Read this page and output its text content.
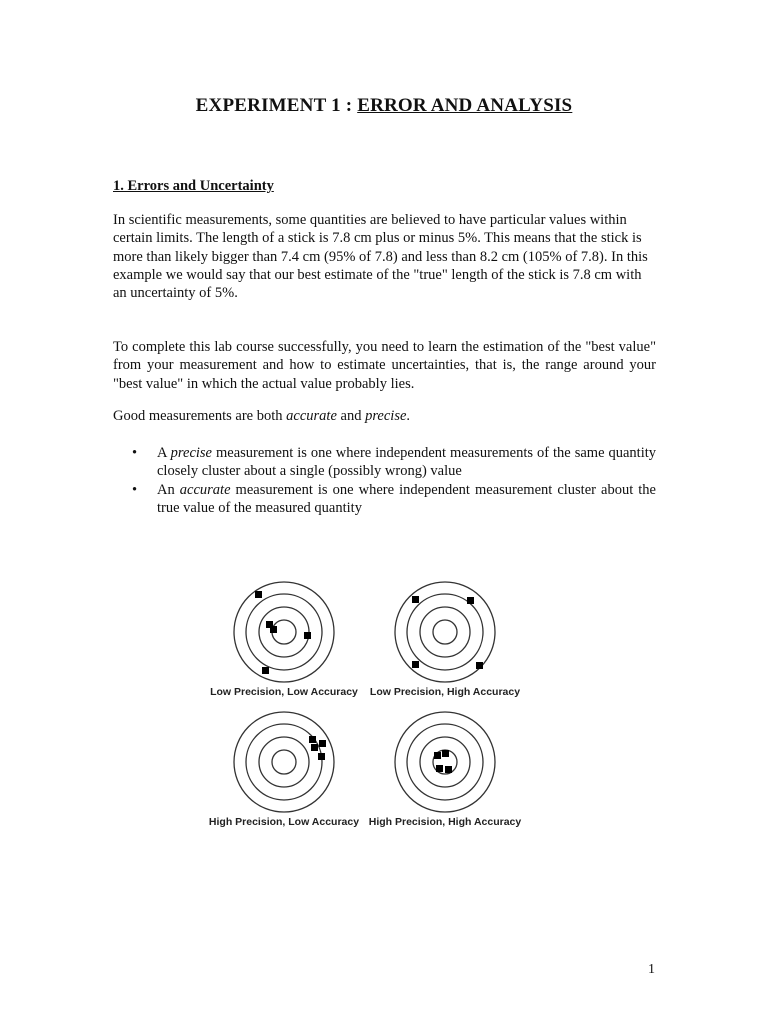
EXPERIMENT 1 : ERROR AND ANALYSIS
1. Errors and Uncertainty
In scientific measurements, some quantities are believed to have particular values within certain limits. The length of a stick is 7.8 cm plus or minus 5%. This means that the stick is more than likely bigger than 7.4 cm (95% of 7.8) and less than 8.2 cm (105% of 7.8). In this example we would say that our best estimate of the "true" length of the stick is 7.8 cm with an uncertainty of 5%.
To complete this lab course successfully, you need to learn the estimation of the "best value" from your measurement and how to estimate uncertainties, that is, the range around your "best value" in which the actual value probably lies.
Good measurements are both accurate and precise.
• A precise measurement is one where independent measurements of the same quantity closely cluster about a single (possibly wrong) value
• An accurate measurement is one where independent measurement cluster about the true value of the measured quantity
Low Precision, Low Accuracy Low Precision, High Accuracy
High Precision, Low Accuracy High Precision, High Accuracy
1
